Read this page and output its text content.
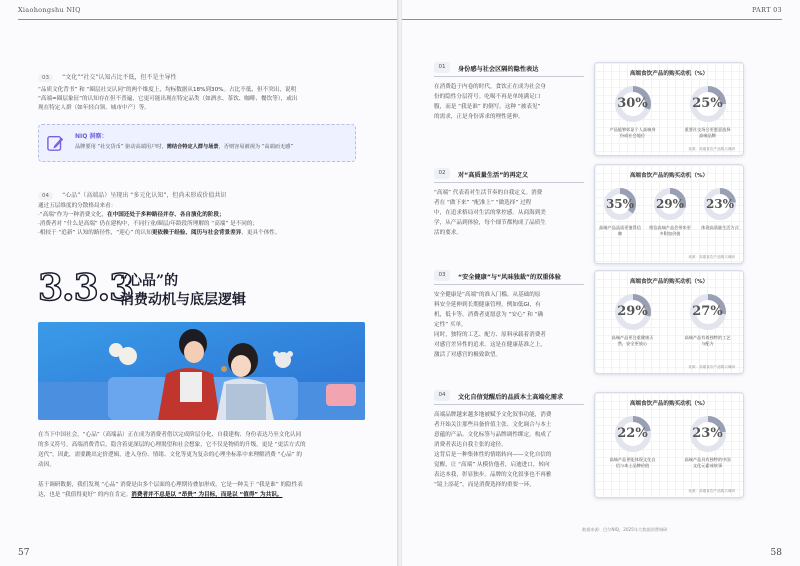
Xiaohongshu NIQ
03 “文化”“社交”认知占比不低，但不是主导性
“品质文化背书” 和 “圈层社交认同”的两个维度上，均标数据从18%到30%。占比不低，但不突出，说明
“高端=圈层象征”的认知存在但不普遍，它更可能出现在特定品类（如酒水、茶饮、咖啡、餐饮等），或出
现在特定人群（如年轻白领、城市中产）等。
NIQ 洞察：
品牌要用 “社交货币” 驱动高端用户时，需结合特定人群与场景，否则容易被视为 “高端而无感”
04 “心品”（高端品）呈现出 “多元化认知”，但尚未形成价值共识
通过五层维度的分散格局来看：
·“高端”作为一种消费文化，在中国还处于多种路径并存、各自演化的阶段；
·消费者对 “什么是高端” 仍在建构中，不同行业/圈层/年龄段所理解的 “高端” 是不同的；
·相较于 “追新” 认知的路径性，“迎心” 的认知更依赖于经验、阅历与社会背景差异，更具个体性。
3.3.3
“心品”的
消费动机与底层逻辑
在当下中国社会，“心品”（高端品）正在成为消费者借以完成阶层分化、自我建构、身份表达乃至文化认同
的多义符号。高端消费背后，隐含着更深层的心理渴望和社会想象，它不仅是物质的升级，更是 “更活方式的
送代”，因此，需要跳出定价逻辑，进入身份、情绪、文化等更为复杂的心理坐标系中来理解消费 “心品” 的
动因。
基于调研数据，我们发现 “心品” 消费是由多个层面的心理期待叠加形成，它是一种关于 “我是谁” 的隐性表
达，也是 “我值得更好” 的内在肯定。消费者并不总是以 “昂贵” 为目标，而是以 “值得” 为共识。
57
PART 03
58
01	身份感与社会区隔的隐性表达
在消费趋于内卷的时代，食饮正在成为社会身
份的隐性分层符号。吃喝不再是单纯满足口
腹，而是 “我是谁” 的倒写。这种 “被表见”
的需求，正是身份诉求的理性延伸。
02	对“高质量生活”的再定义
“高端” 代表着对生活节奏的自我定义。消费
者在 “做下来” “配准上” “做选择” 过程
中，在追求格局对生活的掌控感。从商海到美
学，从产品到体验，每个细节都构成了品质生
活的要求。
03	“安全健康”与“风味独裁”的双重体验
安全健康是“高端”的准入门槛。从基础的原
料安全延伸到长期健康管理，例如低GI，有
机，低卡等，消费者更愿意为 “安心” 和 “确
定性” 买单。
同时，独特的工艺、配方、原料承载着消费者
对感官差异性的追求。这是在健康基准之上，
激活了对感官的极致欲望。
04	文化自信觉醒后的品质本土高端化需求
高端品牌越来越多地被赋予文化叙事功能，消费
者开始关注那些具备价值主张、文化调合与本土
意蕴的产品。文化标签与品牌调性绑定，构成了
消费者表达自我主张的途径。
这背后是一种集体性的情绪转向——文化自信的
觉醒，让 “高端” 从模仿他者，启迪进口，转向
表达本我，彰显独步。品牌的文化叙事也不再雅
“镜上添花”，而是消费选择的重要一环。
高端食饮产品的购买动机（%）
30%
产品能够彰显个人高端身份或社会地位
25%
重要社交场合更愿意选择高端品牌
来源：高端食饮产品购买调研
高端食饮产品的购买动机（%）
35%
高端产品品质更值得信赖
29%
相信高端产品会带来更多附加价值
23%
体现高质量生活方式
来源：高端食饮产品购买调研
高端食饮产品的购买动机（%）
29%
高端产品更注重健康天然，安全更放心
27%
高端产品有着独特的工艺与配方
来源：高端食饮产品购买调研
高端食饮产品的购买动机（%）
22%
高端产品更能体现文化自信与本土品牌价值
23%
高端产品具有独特的中国文化元素或故事
来源：高端食饮产品购买调研
数据来源：巴尔NIQ，2025年大数据消费调研
